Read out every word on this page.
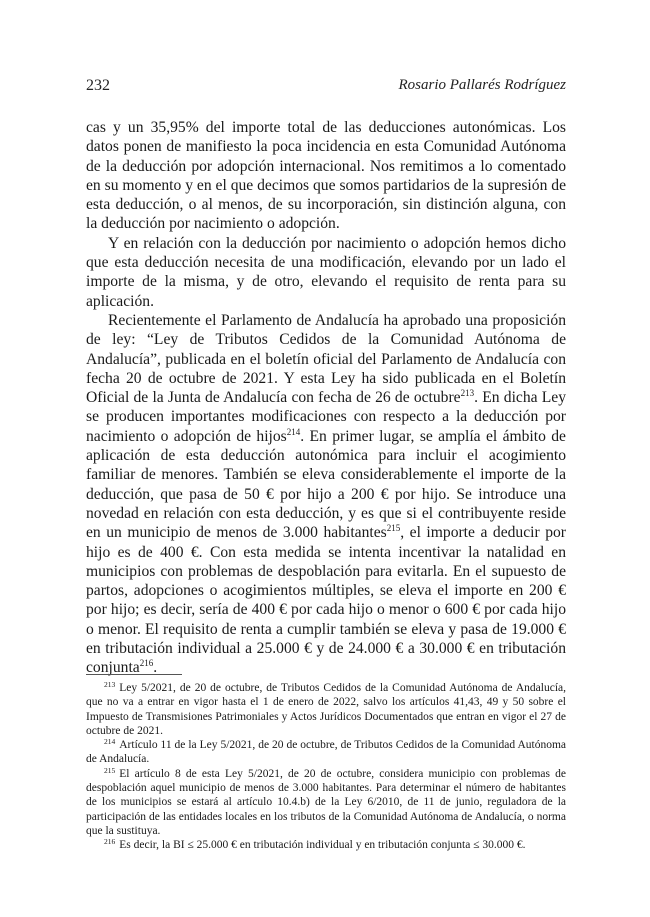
232	Rosario Pallarés Rodríguez

cas y un 35,95% del importe total de las deducciones autonómicas. Los datos ponen de manifiesto la poca incidencia en esta Comunidad Autónoma de la deducción por adopción internacional. Nos remitimos a lo comentado en su momento y en el que decimos que somos partidarios de la supresión de esta deducción, o al menos, de su incorporación, sin distinción alguna, con la deducción por nacimiento o adopción.

Y en relación con la deducción por nacimiento o adopción hemos dicho que esta deducción necesita de una modificación, elevando por un lado el importe de la misma, y de otro, elevando el requisito de renta para su aplicación.

Recientemente el Parlamento de Andalucía ha aprobado una proposición de ley: “Ley de Tributos Cedidos de la Comunidad Autónoma de Andalucía”, publicada en el boletín oficial del Parlamento de Andalucía con fecha 20 de octubre de 2021. Y esta Ley ha sido publicada en el Boletín Oficial de la Junta de Andalucía con fecha de 26 de octubre$^{213}$. En dicha Ley se producen importantes modificaciones con respecto a la deducción por nacimiento o adopción de hijos$^{214}$. En primer lugar, se amplía el ámbito de aplicación de esta deducción autonómica para incluir el acogimiento familiar de menores. También se eleva considerablemente el importe de la deducción, que pasa de 50 € por hijo a 200 € por hijo. Se introduce una novedad en relación con esta deducción, y es que si el contribuyente reside en un municipio de menos de 3.000 habitantes$^{215}$, el importe a deducir por hijo es de 400 €. Con esta medida se intenta incentivar la natalidad en municipios con problemas de despoblación para evitarla. En el supuesto de partos, adopciones o acogimientos múltiples, se eleva el importe en 200 € por hijo; es decir, sería de 400 € por cada hijo o menor o 600 € por cada hijo o menor. El requisito de renta a cumplir también se eleva y pasa de 19.000 € en tributación individual a 25.000 € y de 24.000 € a 30.000 € en tributación conjunta$^{216}$.

$^{213}$ Ley 5/2021, de 20 de octubre, de Tributos Cedidos de la Comunidad Autónoma de Andalucía, que no va a entrar en vigor hasta el 1 de enero de 2022, salvo los artículos 41,43, 49 y 50 sobre el Impuesto de Transmisiones Patrimoniales y Actos Jurídicos Documentados que entran en vigor el 27 de octubre de 2021.

$^{214}$ Artículo 11 de la Ley 5/2021, de 20 de octubre, de Tributos Cedidos de la Comunidad Autónoma de Andalucía.

$^{215}$ El artículo 8 de esta Ley 5/2021, de 20 de octubre, considera municipio con problemas de despoblación aquel municipio de menos de 3.000 habitantes. Para determinar el número de habitantes de los municipios se estará al artículo 10.4.b) de la Ley 6/2010, de 11 de junio, reguladora de la participación de las entidades locales en los tributos de la Comunidad Autónoma de Andalucía, o norma que la sustituya.

$^{216}$ Es decir, la BI ≤ 25.000 € en tributación individual y en tributación conjunta ≤ 30.000 €.
